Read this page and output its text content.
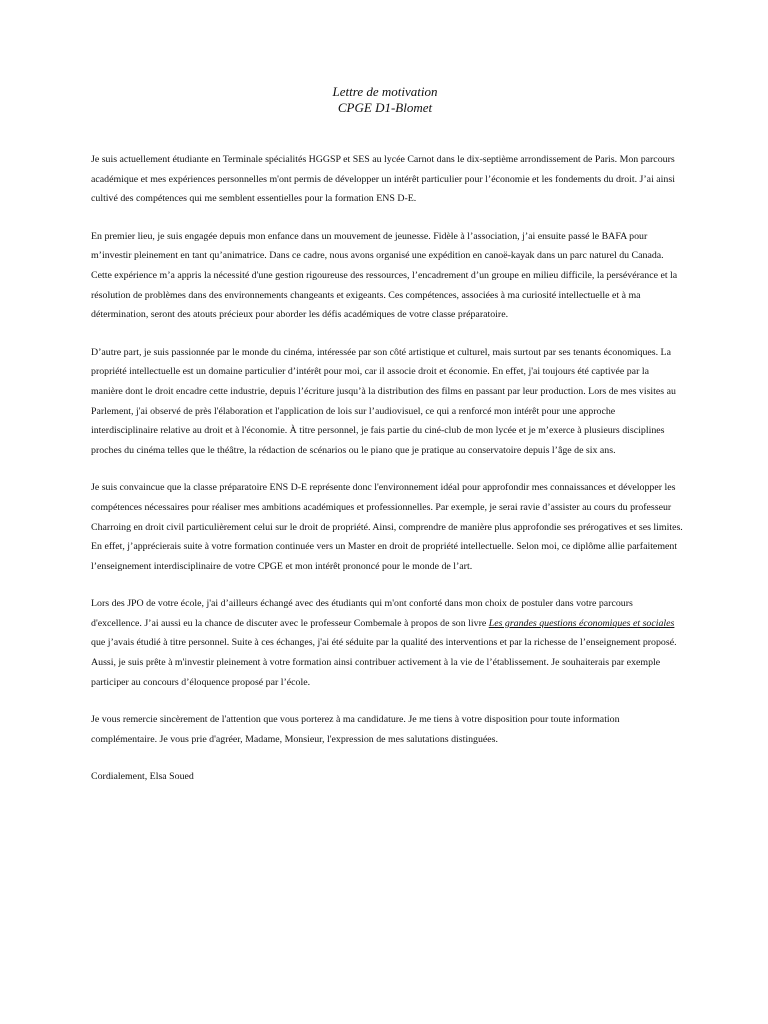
Lettre de motivation
CPGE D1-Blomet

Je suis actuellement étudiante en Terminale spécialités HGGSP et SES au lycée Carnot dans le dix-septième arrondissement de Paris. Mon parcours académique et mes expériences personnelles m'ont permis de développer un intérêt particulier pour l’économie et les fondements du droit. J’ai ainsi cultivé des compétences qui me semblent essentielles pour la formation ENS D-E.

En premier lieu, je suis engagée depuis mon enfance dans un mouvement de jeunesse. Fidèle à l’association, j’ai ensuite passé le BAFA pour m’investir pleinement en tant qu’animatrice. Dans ce cadre, nous avons organisé une expédition en canoë-kayak dans un parc naturel du Canada. Cette expérience m’a appris la nécessité d'une gestion rigoureuse des ressources, l’encadrement d’un groupe en milieu difficile, la persévérance et la résolution de problèmes dans des environnements changeants et exigeants. Ces compétences, associées à ma curiosité intellectuelle et à ma détermination, seront des atouts précieux pour aborder les défis académiques de votre classe préparatoire.

D’autre part, je suis passionnée par le monde du cinéma, intéressée par son côté artistique et culturel, mais surtout par ses tenants économiques. La propriété intellectuelle est un domaine particulier d’intérêt pour moi, car il associe droit et économie. En effet, j'ai toujours été captivée par la manière dont le droit encadre cette industrie, depuis l’écriture jusqu’à la distribution des films en passant par leur production. Lors de mes visites au Parlement, j'ai observé de près l'élaboration et l'application de lois sur l’audiovisuel, ce qui a renforcé mon intérêt pour une approche interdisciplinaire relative au droit et à l'économie. À titre personnel, je fais partie du ciné-club de mon lycée et je m’exerce à plusieurs disciplines proches du cinéma telles que le théâtre, la rédaction de scénarios ou le piano que je pratique au conservatoire depuis l’âge de six ans.

Je suis convaincue que la classe préparatoire ENS D-E représente donc l'environnement idéal pour approfondir mes connaissances et développer les compétences nécessaires pour réaliser mes ambitions académiques et professionnelles. Par exemple, je serai ravie d’assister au cours du professeur Charroing en droit civil particulièrement celui sur le droit de propriété. Ainsi, comprendre de manière plus approfondie ses prérogatives et ses limites. En effet, j’apprécierais suite à votre formation continuée vers un Master en droit de propriété intellectuelle. Selon moi, ce diplôme allie parfaitement l’enseignement interdisciplinaire de votre CPGE et mon intérêt prononcé pour le monde de l’art.

Lors des JPO de votre école, j'ai d’ailleurs échangé avec des étudiants qui m'ont conforté dans mon choix de postuler dans votre parcours d'excellence. J’ai aussi eu la chance de discuter avec le professeur Combemale à propos de son livre Les grandes questions économiques et sociales que j’avais étudié à titre personnel. Suite à ces échanges, j'ai été séduite par la qualité des interventions et par la richesse de l’enseignement proposé. Aussi, je suis prête à m'investir pleinement à votre formation ainsi contribuer activement à la vie de l’établissement. Je souhaiterais par exemple participer au concours d’éloquence proposé par l’école.

Je vous remercie sincèrement de l'attention que vous porterez à ma candidature. Je me tiens à votre disposition pour toute information complémentaire. Je vous prie d'agréer, Madame, Monsieur, l'expression de mes salutations distinguées.

Cordialement, Elsa Soued
